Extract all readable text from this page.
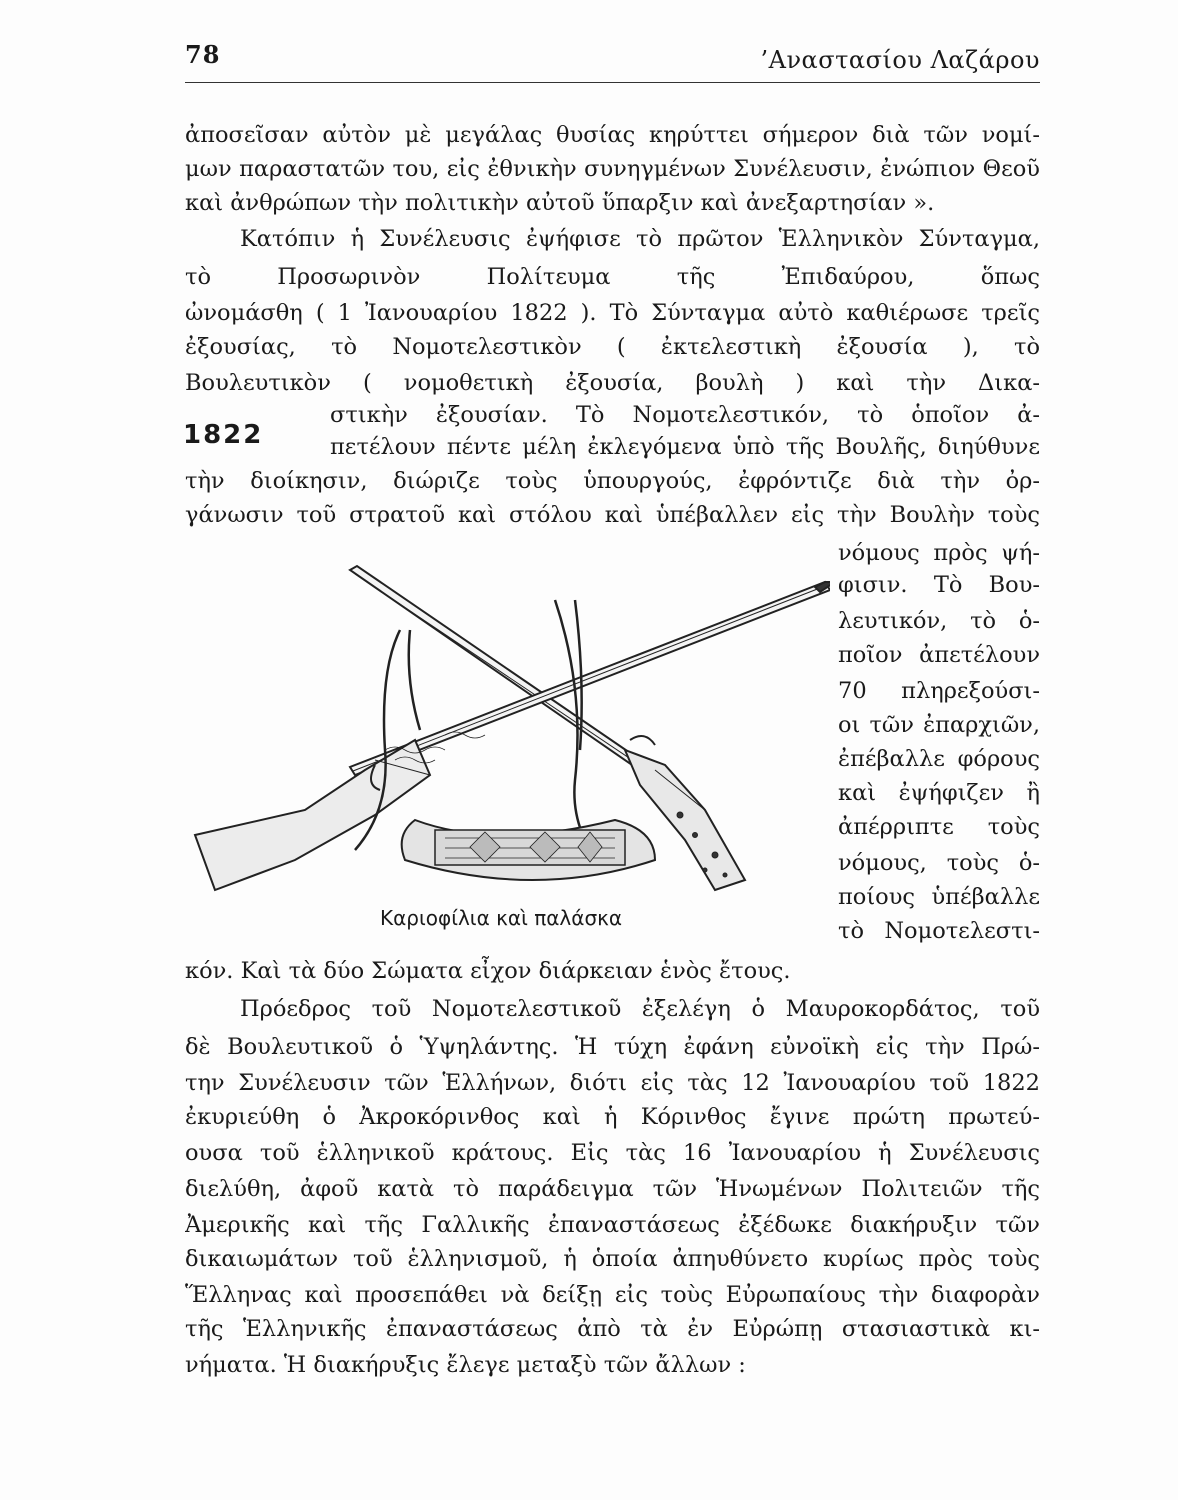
78	’Αναστασίου Λαζάρου
ἀποσεῖσαν αὐτὸν μὲ μεγάλας θυσίας κηρύττει σήμερον διὰ τῶν νομί-
μων παραστατῶν του, εἰς ἐθνικὴν συνηγμένων Συνέλευσιν, ἐνώπιον Θεοῦ
καὶ ἀνθρώπων τὴν πολιτικὴν αὐτοῦ ὕπαρξιν καὶ ἀνεξαρτησίαν ».
Κατόπιν ἡ Συνέλευσις ἐψήφισε τὸ πρῶτον Ἑλληνικὸν Σύνταγμα,
τὸ Προσωρινὸν Πολίτευμα τῆς Ἐπιδαύρου, ὅπως
ὠνομάσθη ( 1 Ἰανουαρίου 1822 ). Τὸ Σύνταγμα αὐτὸ καθιέρωσε τρεῖς
ἐξουσίας, τὸ Νομοτελεστικὸν ( ἐκτελεστικὴ ἐξουσία ), τὸ
Βουλευτικὸν ( νομοθετικὴ ἐξουσία, βουλὴ ) καὶ τὴν Δικα-
στικὴν ἐξουσίαν. Τὸ Νομοτελεστικόν, τὸ ὁποῖον ἀ-
1822	πετέλουν πέντε μέλη ἐκλεγόμενα ὑπὸ τῆς Βουλῆς, διηύθυνε
τὴν διοίκησιν, διώριζε τοὺς ὑπουργούς, ἐφρόντιζε διὰ τὴν ὀρ-
γάνωσιν τοῦ στρατοῦ καὶ στόλου καὶ ὑπέβαλλεν εἰς τὴν Βουλὴν τοὺς
νόμους πρὸς ψή-
φισιν. Τὸ Βου-
λευτικόν, τὸ ὁ-
ποῖον ἀπετέλουν
70 πληρεξούσι-
οι τῶν ἐπαρχιῶν,
ἐπέβαλλε φόρους
καὶ ἐψήφιζεν ἢ
ἀπέρριπτε τοὺς
νόμους, τοὺς ὁ-
ποίους ὑπέβαλλε
τὸ Νομοτελεστι-
Καριοφίλια καὶ παλάσκα
κόν. Καὶ τὰ δύο Σώματα εἶχον διάρκειαν ἑνὸς ἔτους.
Πρόεδρος τοῦ Νομοτελεστικοῦ ἐξελέγη ὁ Μαυροκορδάτος, τοῦ
δὲ Βουλευτικοῦ ὁ Ὑψηλάντης. Ἡ τύχη ἐφάνη εὐνοϊκὴ εἰς τὴν Πρώ-
την Συνέλευσιν τῶν Ἑλλήνων, διότι εἰς τὰς 12 Ἰανουαρίου τοῦ 1822
ἐκυριεύθη ὁ Ἀκροκόρινθος καὶ ἡ Κόρινθος ἔγινε πρώτη πρωτεύ-
ουσα τοῦ ἑλληνικοῦ κράτους. Εἰς τὰς 16 Ἰανουαρίου ἡ Συνέλευσις
διελύθη, ἀφοῦ κατὰ τὸ παράδειγμα τῶν Ἡνωμένων Πολιτειῶν τῆς
Ἀμερικῆς καὶ τῆς Γαλλικῆς ἐπαναστάσεως ἐξέδωκε διακήρυξιν τῶν
δικαιωμάτων τοῦ ἑλληνισμοῦ, ἡ ὁποία ἀπηυθύνετο κυρίως πρὸς τοὺς
Ἕλληνας καὶ προσεπάθει νὰ δείξῃ εἰς τοὺς Εὐρωπαίους τὴν διαφορὰν
τῆς Ἑλληνικῆς ἐπαναστάσεως ἀπὸ τὰ ἐν Εὐρώπῃ στασιαστικὰ κι-
νήματα. Ἡ διακήρυξις ἔλεγε μεταξὺ τῶν ἄλλων :
